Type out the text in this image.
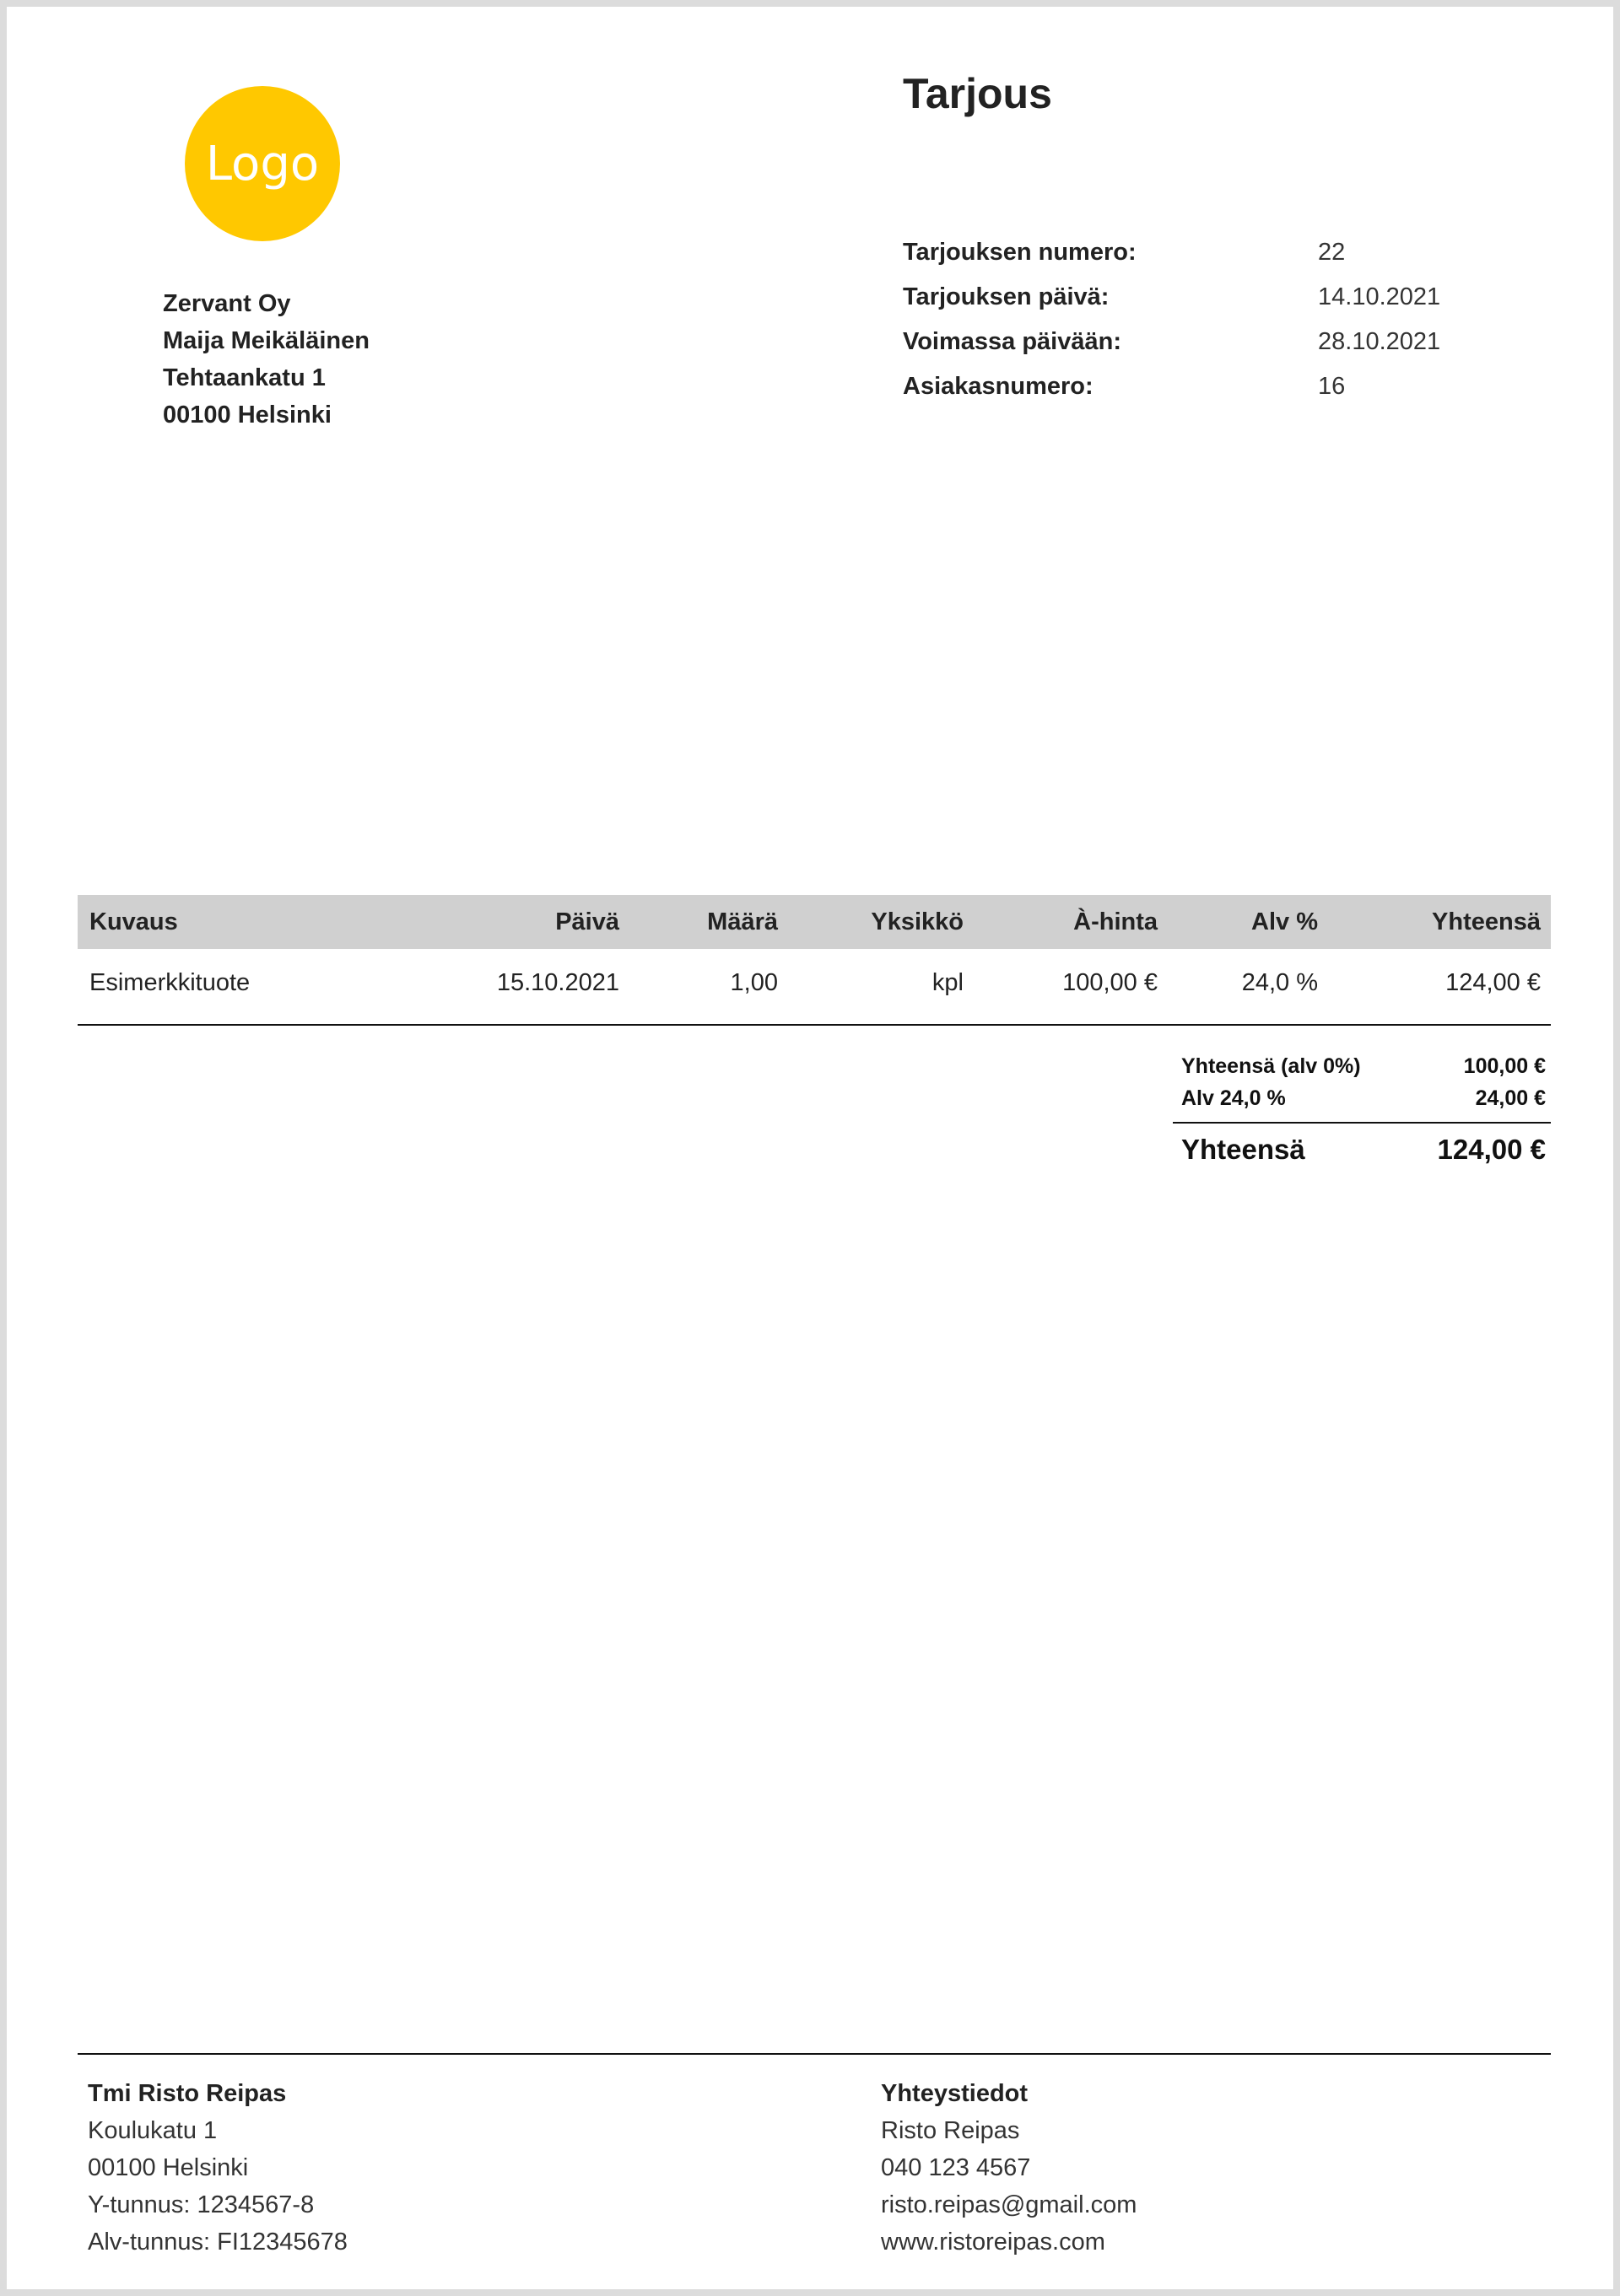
Logo
Zervant Oy
Maija Meikäläinen
Tehtaankatu 1
00100 Helsinki
Tarjous
Tarjouksen numero:	22
Tarjouksen päivä:	14.10.2021
Voimassa päivään:	28.10.2021
Asiakasnumero:	16
Kuvaus	Päivä	Määrä	Yksikkö	À-hinta	Alv %	Yhteensä
Esimerkkituote	15.10.2021	1,00	kpl	100,00 €	24,0 %	124,00 €
Yhteensä (alv 0%)	100,00 €
Alv 24,0 %	24,00 €
Yhteensä	124,00 €
Tmi Risto Reipas
Koulukatu 1
00100 Helsinki
Y-tunnus: 1234567-8
Alv-tunnus: FI12345678
Yhteystiedot
Risto Reipas
040 123 4567
risto.reipas@gmail.com
www.ristoreipas.com
